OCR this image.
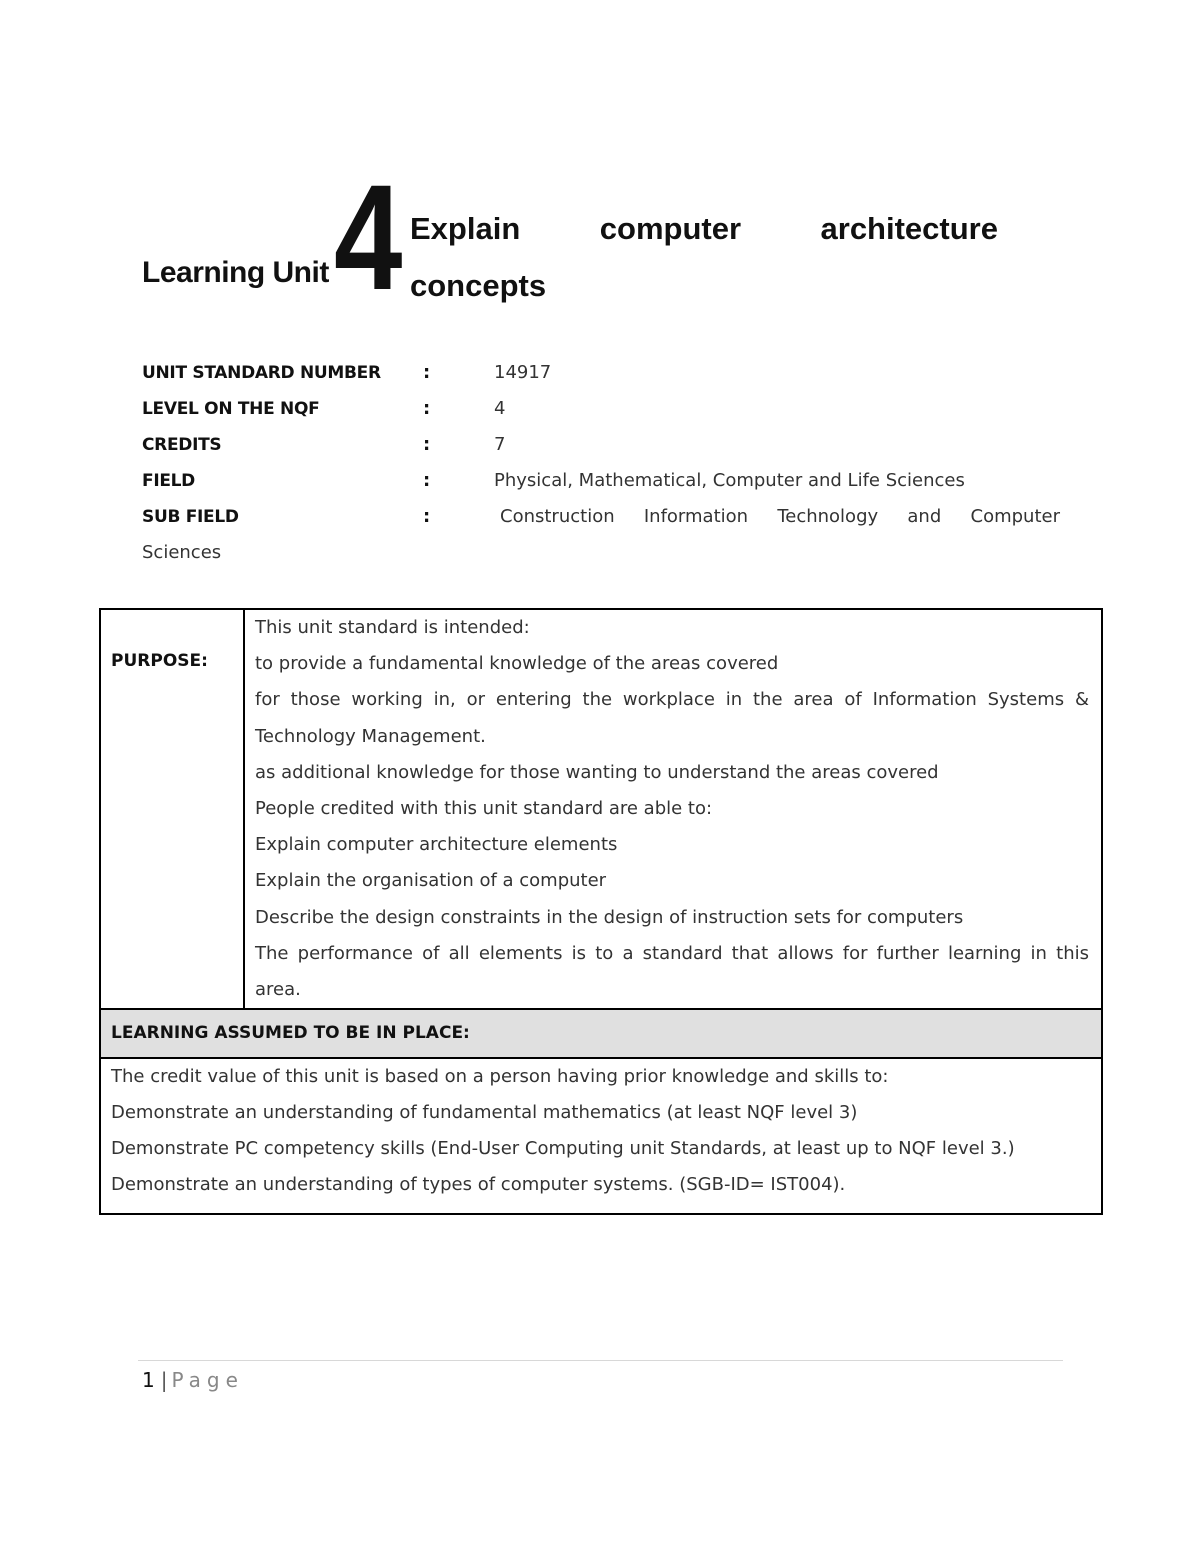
Learning Unit 4 Explain	computer	architecture
concepts
UNIT STANDARD NUMBER :	14917
LEVEL ON THE NQF	:	4
CREDITS	:	7
FIELD	:	Physical, Mathematical, Computer and Life Sciences
SUB FIELD	:	Construction Information Technology and Computer
Sciences
PURPOSE:
This unit standard is intended:
to provide a fundamental knowledge of the areas covered
for those working in, or entering the workplace in the area of Information Systems &
Technology Management.
as additional knowledge for those wanting to understand the areas covered
People credited with this unit standard are able to:
Explain computer architecture elements
Explain the organisation of a computer
Describe the design constraints in the design of instruction sets for computers
The performance of all elements is to a standard that allows for further learning in this
area.
LEARNING ASSUMED TO BE IN PLACE:
The credit value of this unit is based on a person having prior knowledge and skills to:
Demonstrate an understanding of fundamental mathematics (at least NQF level 3)
Demonstrate PC competency skills (End-User Computing unit Standards, at least up to NQF level 3.)
Demonstrate an understanding of types of computer systems. (SGB-ID= IST004).
1 | Page
